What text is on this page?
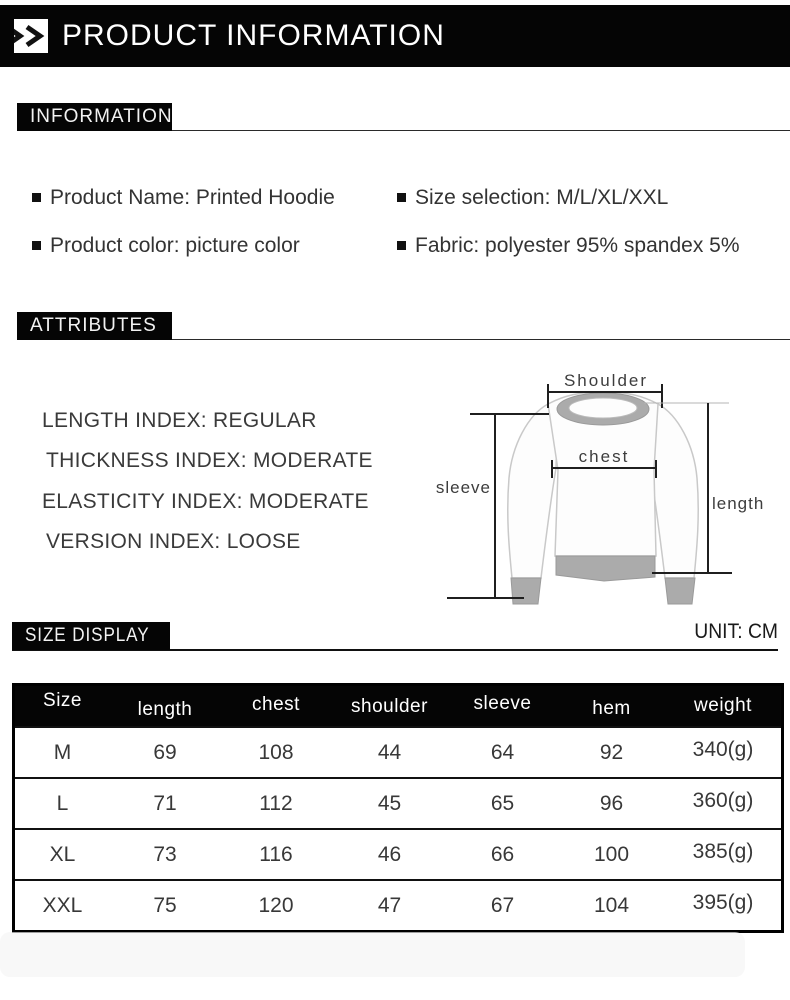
PRODUCT INFORMATION
INFORMATION
Product Name: Printed Hoodie	Size selection: M/L/XL/XXL
Product color: picture color	Fabric: polyester 95% spandex 5%
ATTRIBUTES
LENGTH INDEX: REGULAR
THICKNESS INDEX: MODERATE
ELASTICITY INDEX: MODERATE
VERSION INDEX: LOOSE
Shoulder
chest
sleeve
length
SIZE DISPLAY	UNIT: CM
Size	length	chest	shoulder	sleeve	hem	weight
M	69	108	44	64	92	340(g)
L	71	112	45	65	96	360(g)
XL	73	116	46	66	100	385(g)
XXL	75	120	47	67	104	395(g)
